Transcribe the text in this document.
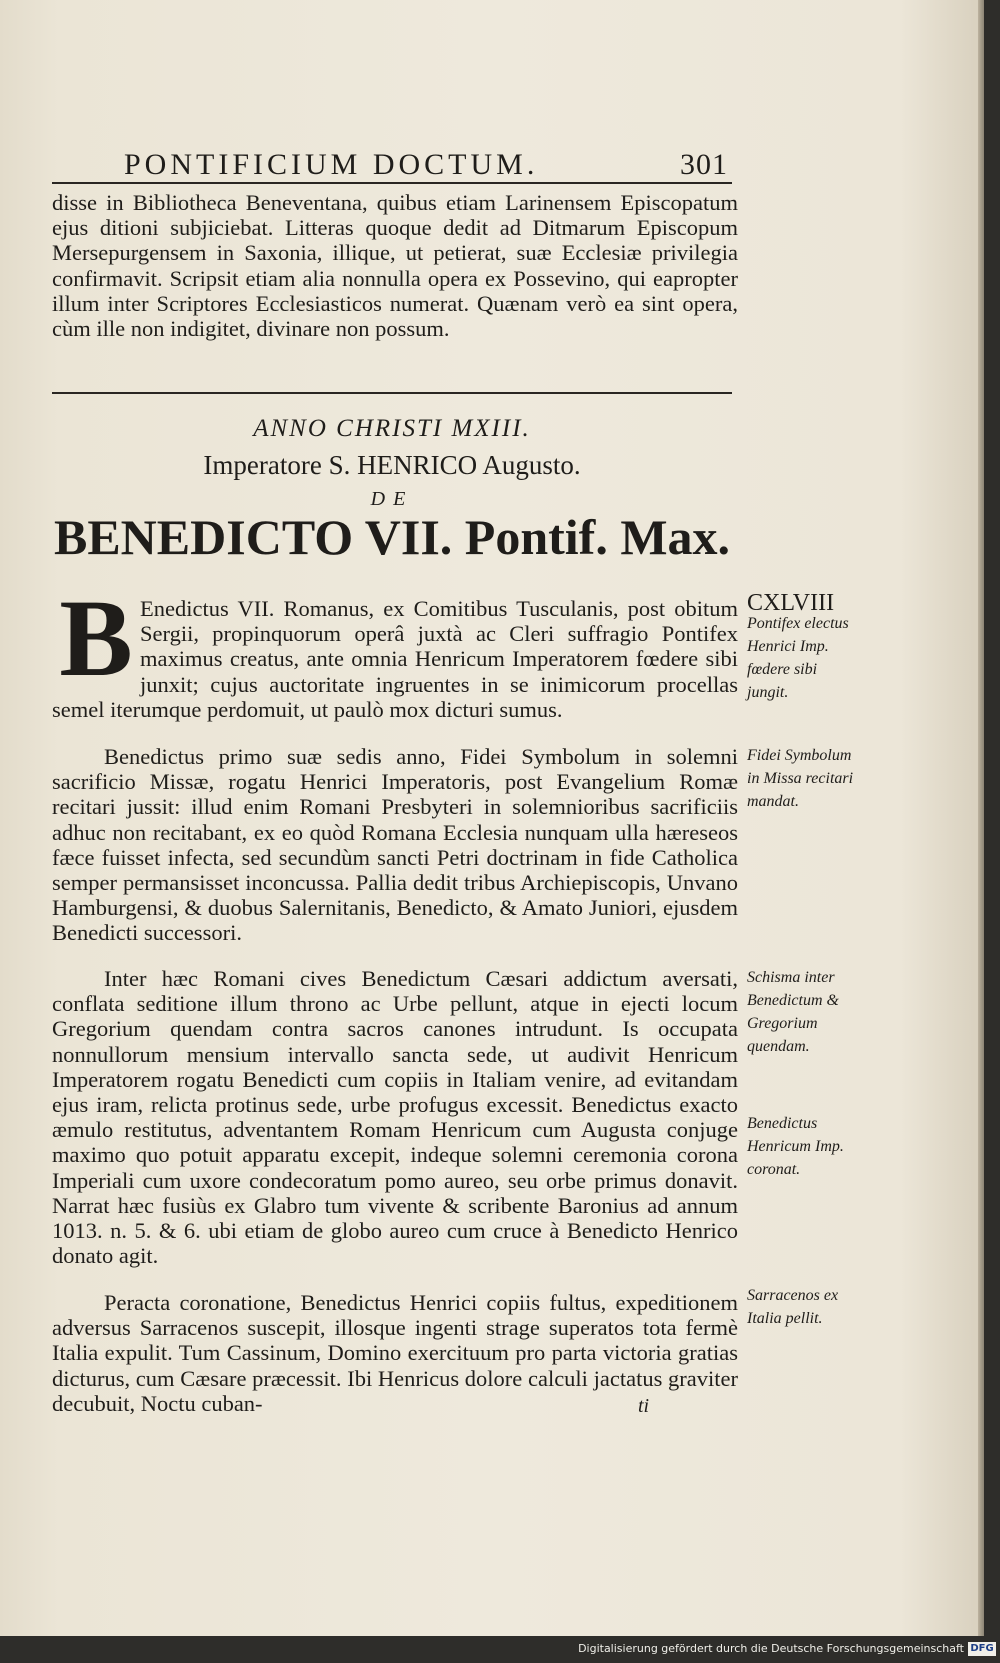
PONTIFICIUM DOCTUM.	301

disse in Bibliotheca Beneventana, quibus etiam Larinensem Episcopatum ejus ditioni subjiciebat. Litteras quoque dedit ad Ditmarum Episcopum Mersepurgensem in Saxonia, illique, ut petierat, suæ Ecclesiæ privilegia confirmavit. Scripsit etiam alia nonnulla opera ex Possevino, qui eapropter illum inter Scriptores Ecclesiasticos numerat. Quænam verò ea sint opera, cùm ille non indigitet, divinare non possum.

ANNO CHRISTI MXIII.
Imperatore S. HENRICO Augusto.
DE
BENEDICTO VII. Pontif. Max.
B Enedictus VII. Romanus, ex Comitibus Tusculanis, post obitum Sergii, propinquorum operâ juxtà ac Cleri suffragio Pontifex maximus creatus, ante omnia Henricum Imperatorem fœdere sibi junxit; cujus auctoritate ingruentes in se inimicorum procellas semel iterumque perdomuit, ut paulò mox dicturi sumus.

Benedictus primo suæ sedis anno, Fidei Symbolum in solemni sacrificio Missæ, rogatu Henrici Imperatoris, post Evangelium Romæ recitari jussit: illud enim Romani Presbyteri in solemnioribus sacrificiis adhuc non recitabant, ex eo quòd Romana Ecclesia nunquam ulla hæreseos fæce fuisset infecta, sed secundùm sancti Petri doctrinam in fide Catholica semper permansisset inconcussa. Pallia dedit tribus Archiepiscopis, Unvano Hamburgensi, & duobus Salernitanis, Benedicto, & Amato Juniori, ejusdem Benedicti successori.

Inter hæc Romani cives Benedictum Cæsari addictum aversati, conflata seditione illum throno ac Urbe pellunt, atque in ejecti locum Gregorium quendam contra sacros canones intrudunt. Is occupata nonnullorum mensium intervallo sancta sede, ut audivit Henricum Imperatorem rogatu Benedicti cum copiis in Italiam venire, ad evitandam ejus iram, relicta protinus sede, urbe profugus excessit. Benedictus exacto æmulo restitutus, adventantem Romam Henricum cum Augusta conjuge maximo quo potuit apparatu excepit, indeque solemni ceremonia corona Imperiali cum uxore condecoratum pomo aureo, seu orbe primus donavit. Narrat hæc fusiùs ex Glabro tum vivente & scribente Baronius ad annum 1013. n. 5. & 6. ubi etiam de globo aureo cum cruce à Benedicto Henrico donato agit.

Peracta coronatione, Benedictus Henrici copiis fultus, expeditionem adversus Sarracenos suscepit, illosque ingenti strage superatos tota fermè Italia expulit. Tum Cassinum, Domino exercituum pro parta victoria gratias dicturus, cum Cæsare præcessit. Ibi Henricus dolore calculi jactatus graviter decubuit, Noctu cuban-	ti
CXLVIII

Pontifex electus Henrici Imp. fœdere sibi jungit.

Fidei Symbolum in Missa recitari mandat.

Schisma inter Benedictum & Gregorium quendam.

Benedictus Henricum Imp. coronat.

Sarracenos ex Italia pellit.

Digitalisierung gefördert durch die Deutsche Forschungsgemeinschaft DFG
